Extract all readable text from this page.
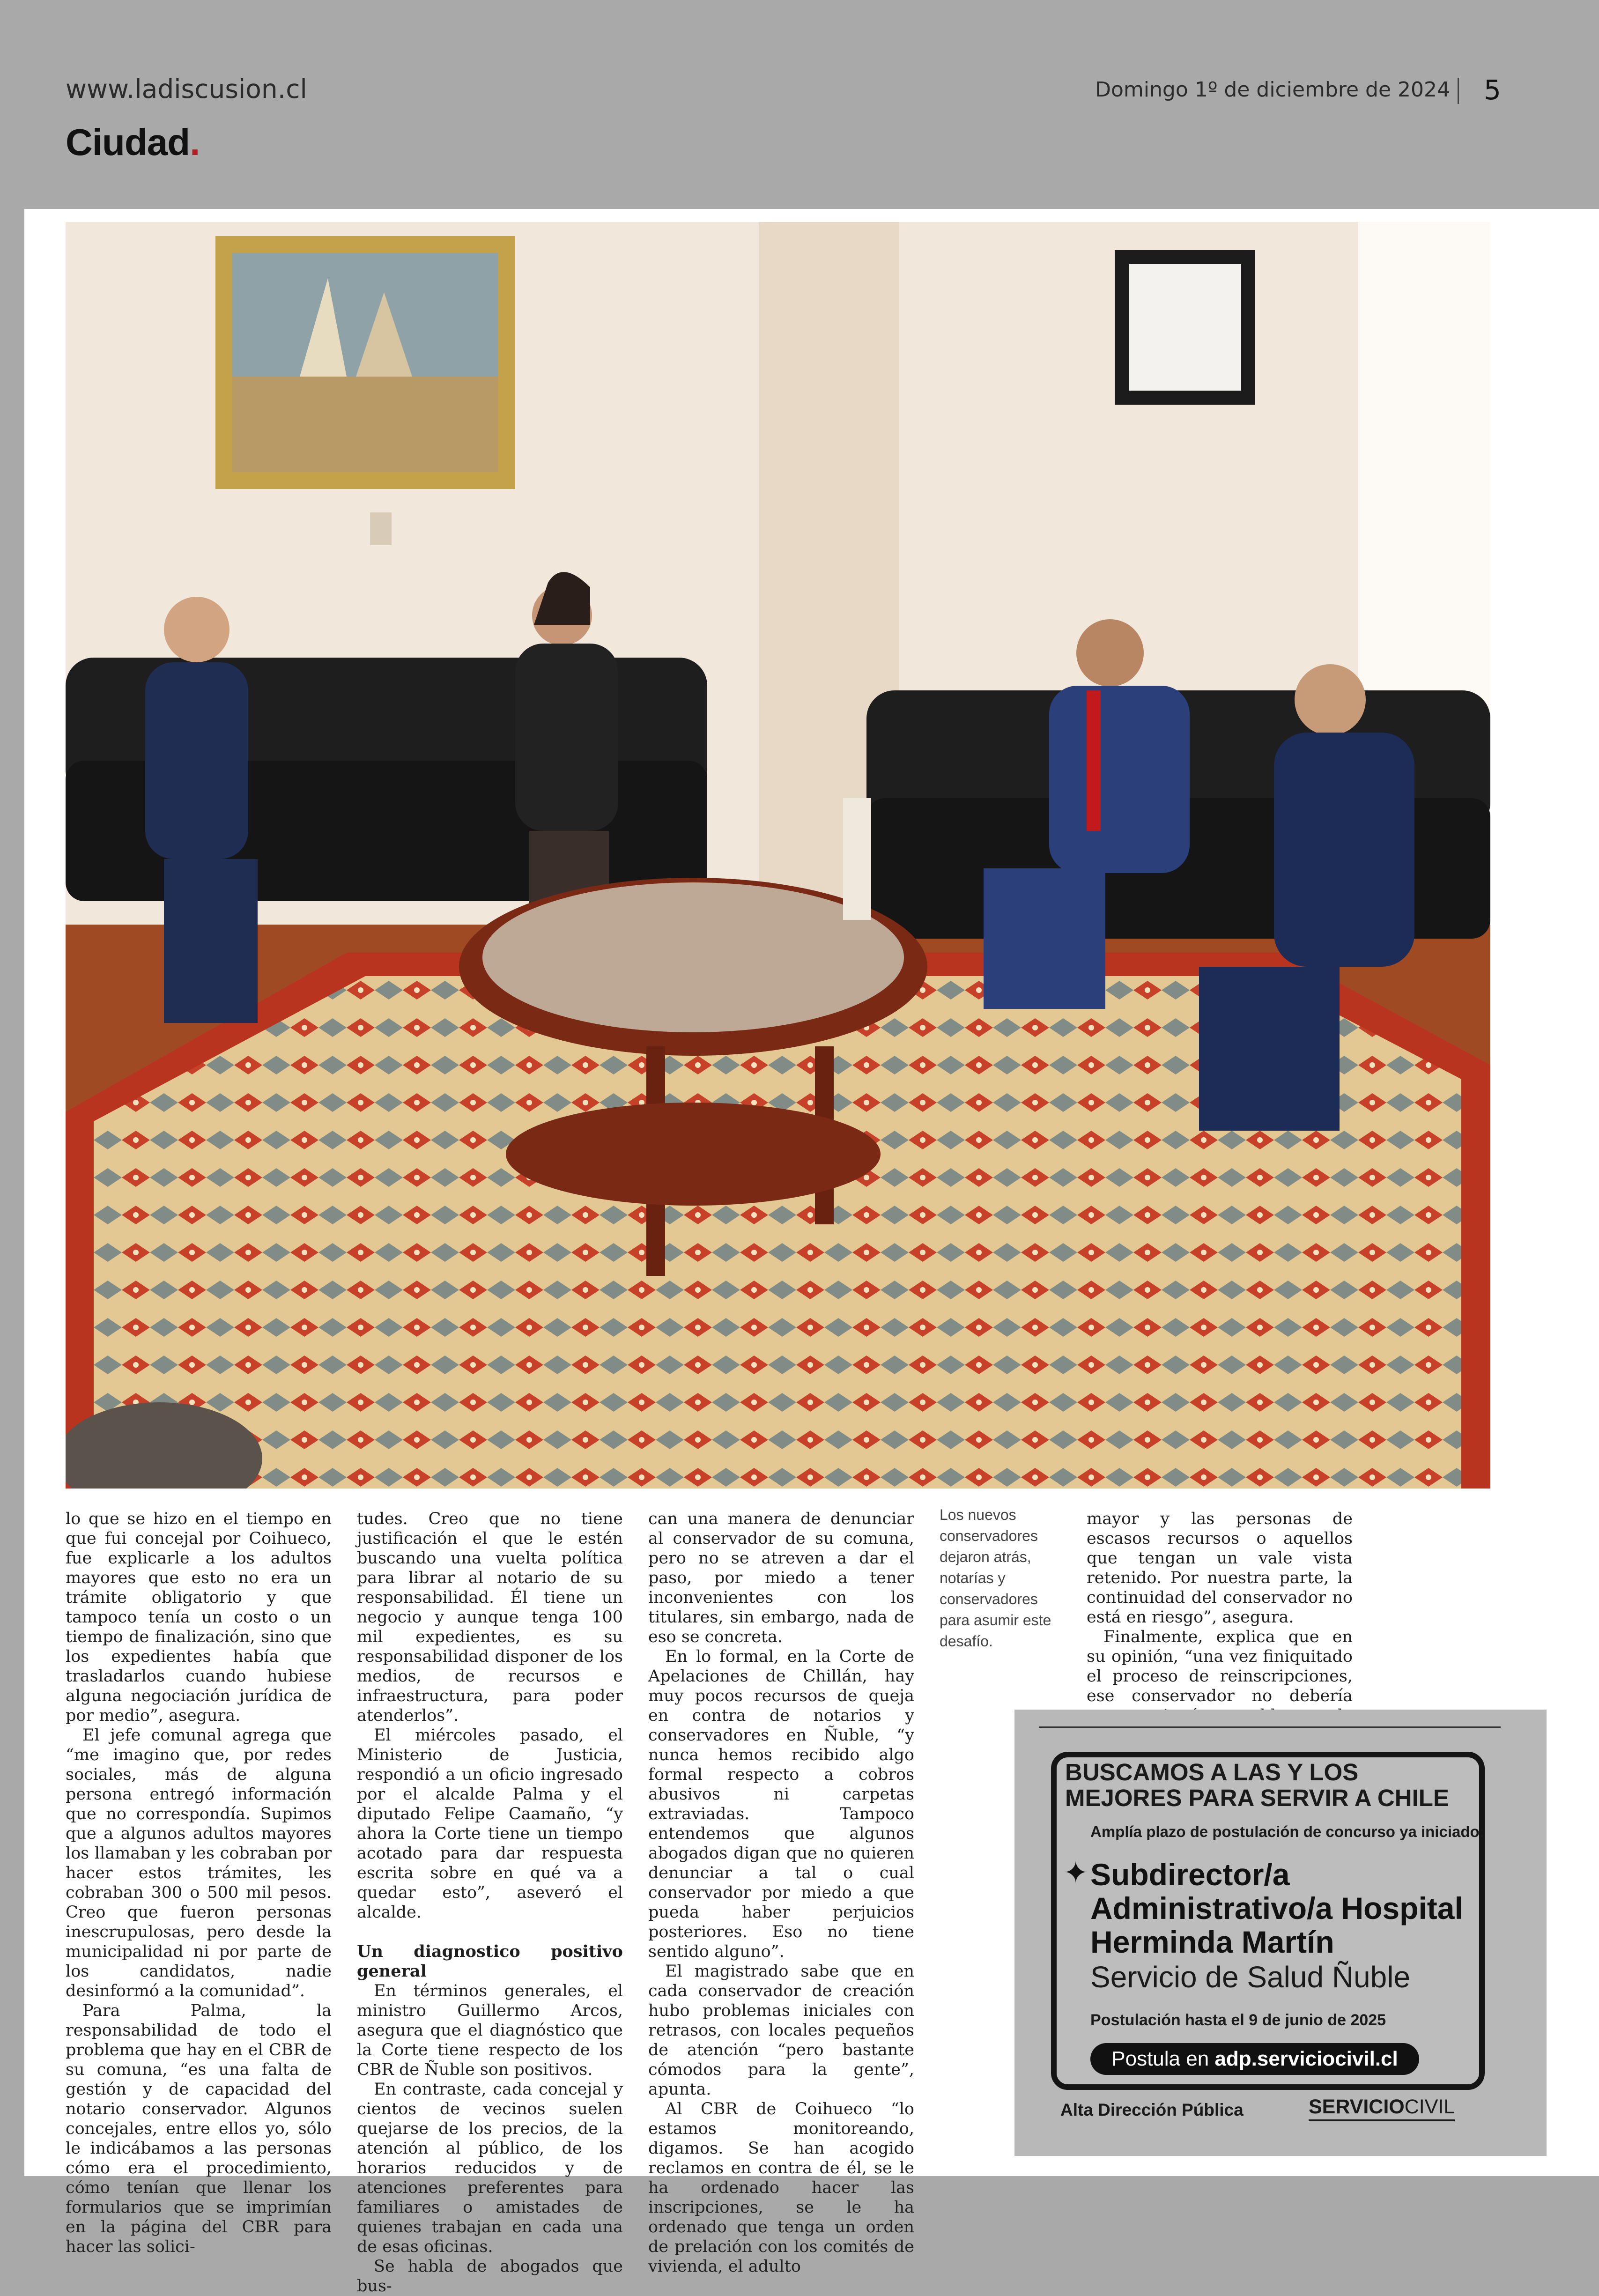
www.ladiscusion.cl
Ciudad.
Domingo 1º de diciembre de 2024 5

lo que se hizo en el tiempo en que fui concejal por Coihueco, fue explicarle a los adultos mayores que esto no era un trámite obligatorio y que tampoco tenía un costo o un tiempo de finalización, sino que los expedientes había que trasladarlos cuando hubiese alguna negociación jurídica de por medio”, asegura.

El jefe comunal agrega que “me imagino que, por redes sociales, más de alguna persona entregó información que no correspondía. Supimos que a algunos adultos mayores los llamaban y les cobraban por hacer estos trámites, les cobraban 300 o 500 mil pesos. Creo que fueron personas inescrupulosas, pero desde la municipalidad ni por parte de los candidatos, nadie desinformó a la comunidad”.

Para Palma, la responsabilidad de todo el problema que hay en el CBR de su comuna, “es una falta de gestión y de capacidad del notario conservador. Algunos concejales, entre ellos yo, sólo le indicábamos a las personas cómo era el procedimiento, cómo tenían que llenar los formularios que se imprimían en la página del CBR para hacer las solici-

tudes. Creo que no tiene justificación el que le estén buscando una vuelta política para librar al notario de su responsabilidad. Él tiene un negocio y aunque tenga 100 mil expedientes, es su responsabilidad disponer de los medios, de recursos e infraestructura, para poder atenderlos”.

El miércoles pasado, el Ministerio de Justicia, respondió a un oficio ingresado por el alcalde Palma y el diputado Felipe Caamaño, “y ahora la Corte tiene un tiempo acotado para dar respuesta escrita sobre en qué va a quedar esto”, aseveró el alcalde.

Un diagnostico positivo general

En términos generales, el ministro Guillermo Arcos, asegura que el diagnóstico que la Corte tiene respecto de los CBR de Ñuble son positivos.

En contraste, cada concejal y cientos de vecinos suelen quejarse de los precios, de la atención al público, de los horarios reducidos y de atenciones preferentes para familiares o amistades de quienes trabajan en cada una de esas oficinas.

Se habla de abogados que bus-

can una manera de denunciar al conservador de su comuna, pero no se atreven a dar el paso, por miedo a tener inconvenientes con los titulares, sin embargo, nada de eso se concreta.

En lo formal, en la Corte de Apelaciones de Chillán, hay muy pocos recursos de queja en contra de notarios y conservadores en Ñuble, “y nunca hemos recibido algo formal respecto a cobros abusivos ni carpetas extraviadas. Tampoco entendemos que algunos abogados digan que no quieren denunciar a tal o cual conservador por miedo a que pueda haber perjuicios posteriores. Eso no tiene sentido alguno”.

El magistrado sabe que en cada conservador de creación hubo problemas iniciales con retrasos, con locales pequeños de atención “pero bastante cómodos para la gente”, apunta.

Al CBR de Coihueco “lo estamos monitoreando, digamos. Se han acogido reclamos en contra de él, se le ha ordenado hacer las inscripciones, se le ha ordenado que tenga un orden de prelación con los comités de vivienda, el adulto

Los nuevos conservadores dejaron atrás, notarías y conservadores para asumir este desafío.

mayor y las personas de escasos recursos o aquellos que tengan un vale vista retenido. Por nuestra parte, la continuidad del conservador no está en riesgo”, asegura.

Finalmente, explica que en su opinión, “una vez finiquitado el proceso de reinscripciones, ese conservador no debería

BUSCAMOS A LAS Y LOS MEJORES PARA SERVIR A CHILE
Amplía plazo de postulación de concurso ya iniciado:
✦ Subdirector/a Administrativo/a Hospital Herminda Martín
Servicio de Salud Ñuble
Postulación hasta el 9 de junio de 2025
Postula en adp.serviciocivil.cl
Alta Dirección Pública	SERVICIOCIVIL
